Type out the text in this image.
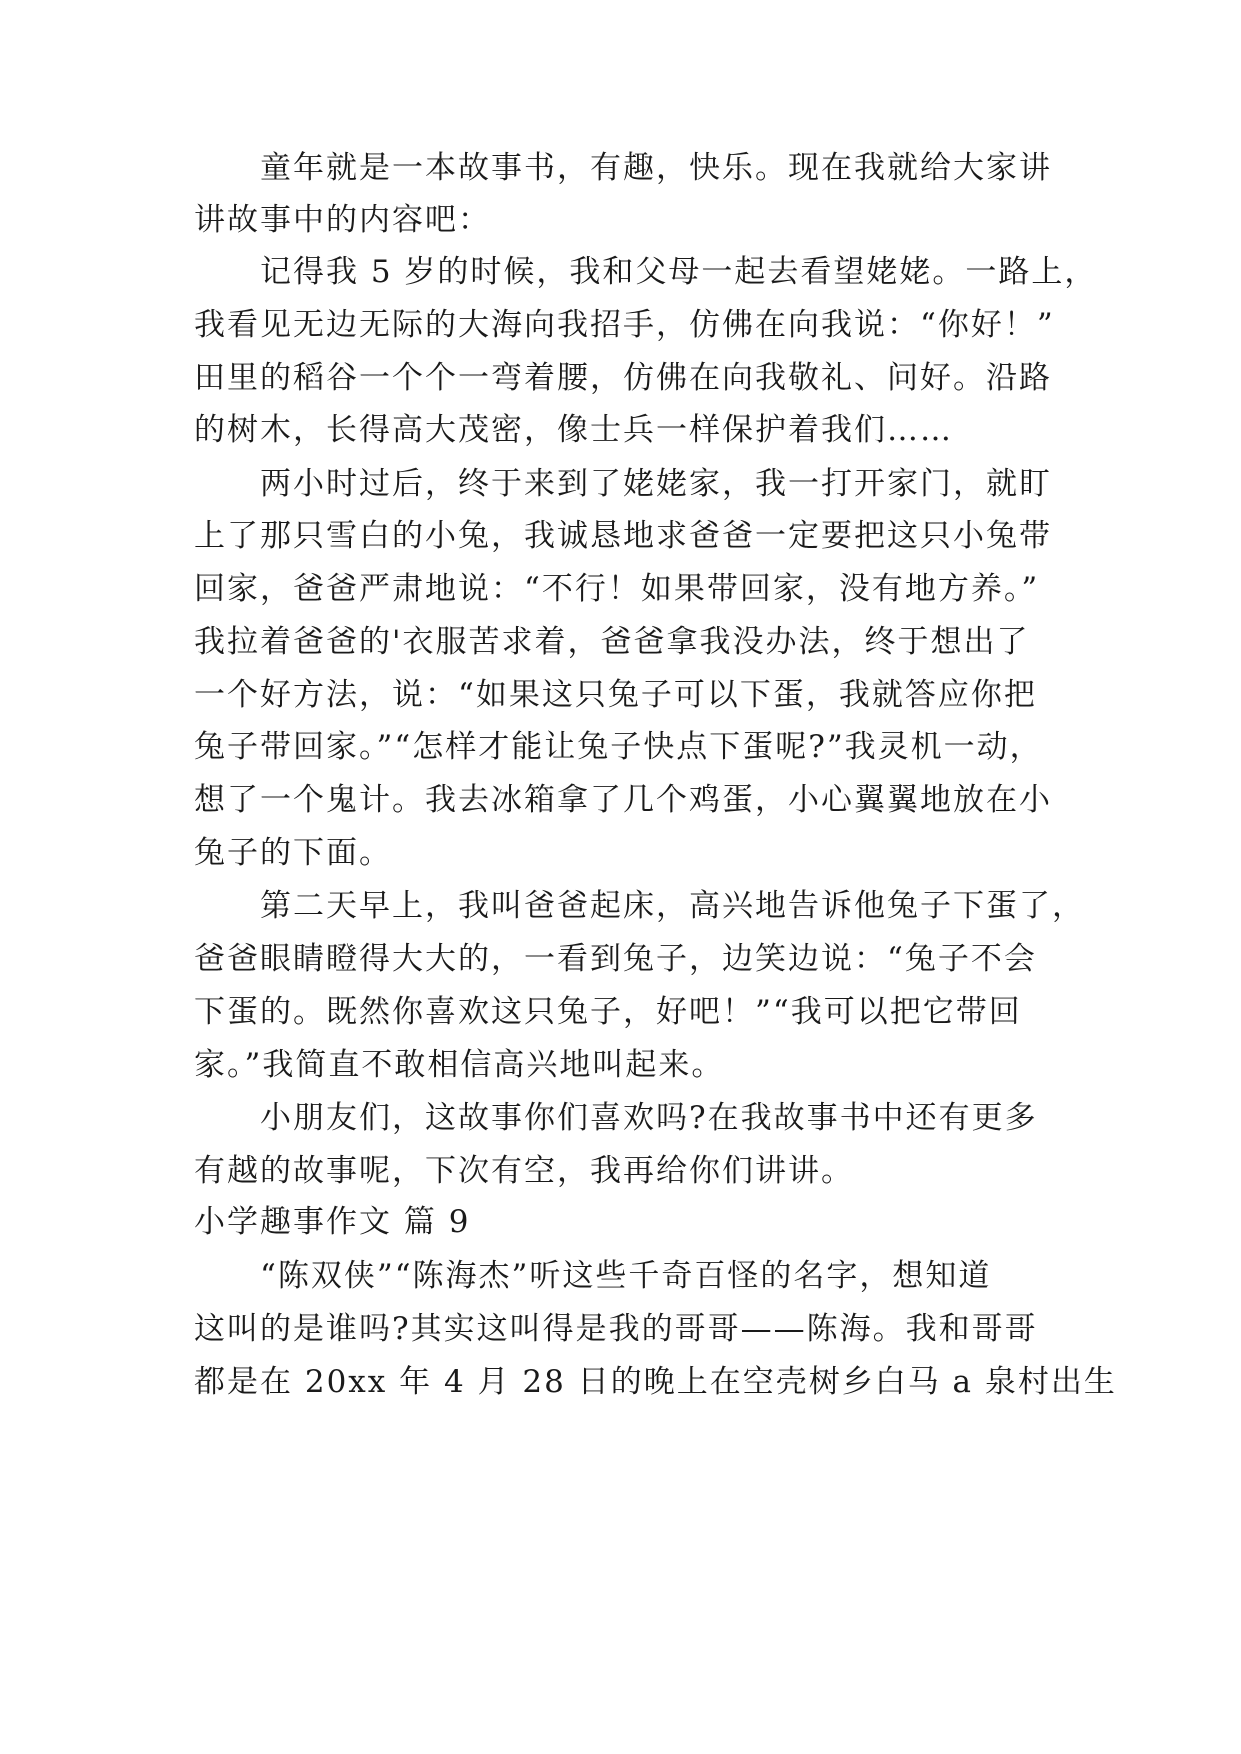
　　童年就是一本故事书，有趣，快乐。现在我就给大家讲
讲故事中的内容吧：
　　记得我 5 岁的时候，我和父母一起去看望姥姥。一路上，
我看见无边无际的大海向我招手，仿佛在向我说：“你好！”
田里的稻谷一个个一弯着腰，仿佛在向我敬礼、问好。沿路
的树木，长得高大茂密，像士兵一样保护着我们……
　　两小时过后，终于来到了姥姥家，我一打开家门，就盯
上了那只雪白的小兔，我诚恳地求爸爸一定要把这只小兔带
回家，爸爸严肃地说：“不行！如果带回家，没有地方养。”
我拉着爸爸的'衣服苦求着，爸爸拿我没办法，终于想出了
一个好方法，说：“如果这只兔子可以下蛋，我就答应你把
兔子带回家。”“怎样才能让兔子快点下蛋呢?”我灵机一动，
想了一个鬼计。我去冰箱拿了几个鸡蛋，小心翼翼地放在小
兔子的下面。
　　第二天早上，我叫爸爸起床，高兴地告诉他兔子下蛋了，
爸爸眼睛瞪得大大的，一看到兔子，边笑边说：“兔子不会
下蛋的。既然你喜欢这只兔子，好吧！”“我可以把它带回
家。”我简直不敢相信高兴地叫起来。
　　小朋友们，这故事你们喜欢吗?在我故事书中还有更多
有越的故事呢，下次有空，我再给你们讲讲。
小学趣事作文 篇 9
　　“陈双侠”“陈海杰”听这些千奇百怪的名字，想知道
这叫的是谁吗?其实这叫得是我的哥哥——陈海。我和哥哥
都是在 20xx 年 4 月 28 日的晚上在空壳树乡白马 a 泉村出生
